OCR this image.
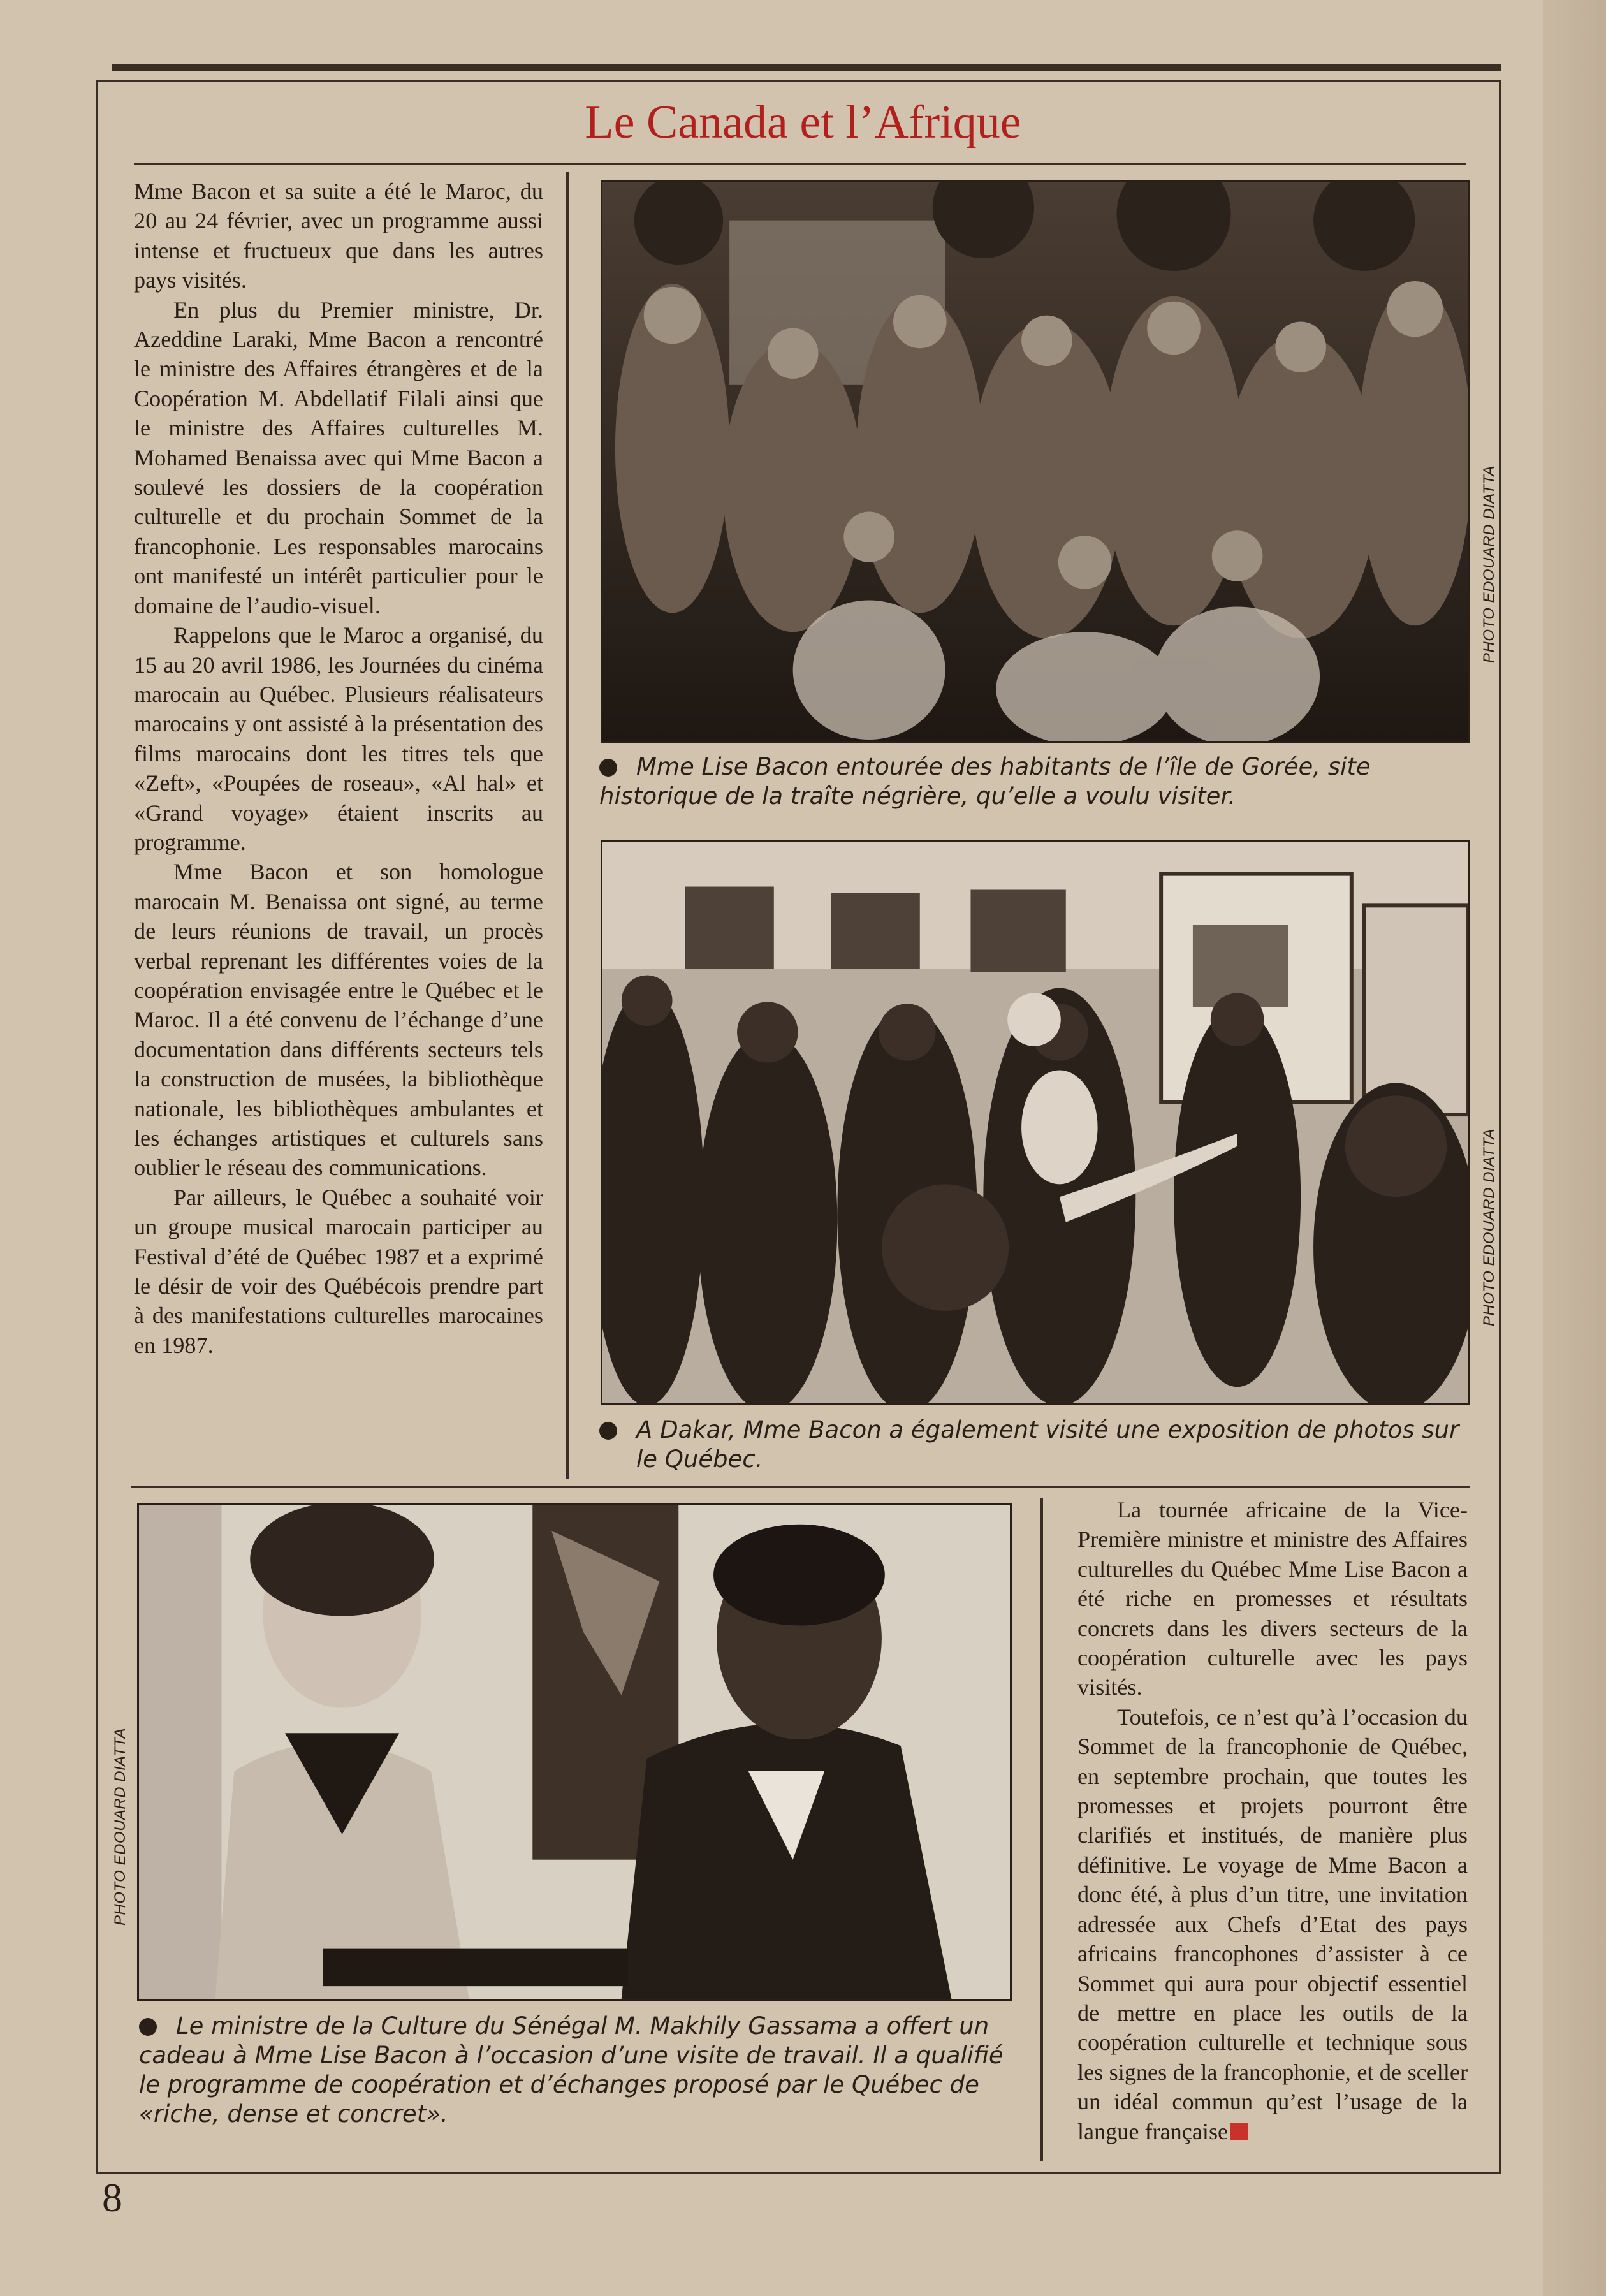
Le Canada et l’Afrique

Mme Bacon et sa suite a été le Maroc, du 20 au 24 février, avec un programme aussi intense et fructueux que dans les autres pays visités.

En plus du Premier ministre, Dr. Azeddine Laraki, Mme Bacon a rencontré le ministre des Affaires étrangères et de la Coopération M. Abdellatif Filali ainsi que le ministre des Affaires culturelles M. Mohamed Benaissa avec qui Mme Bacon a soulevé les dossiers de la coopération culturelle et du prochain Sommet de la francophonie. Les responsables marocains ont manifesté un intérêt particulier pour le domaine de l’audio-visuel.

Rappelons que le Maroc a organisé, du 15 au 20 avril 1986, les Journées du cinéma marocain au Québec. Plusieurs réalisateurs marocains y ont assisté à la présentation des films marocains dont les titres tels que «Zeft», «Poupées de roseau», «Al hal» et «Grand voyage» étaient inscrits au programme.

Mme Bacon et son homologue marocain M. Benaissa ont signé, au terme de leurs réunions de travail, un procès verbal reprenant les différentes voies de la coopération envisagée entre le Québec et le Maroc. Il a été convenu de l’échange d’une documentation dans différents secteurs tels la construction de musées, la bibliothèque nationale, les bibliothèques ambulantes et les échanges artistiques et culturels sans oublier le réseau des communications.

Par ailleurs, le Québec a souhaité voir un groupe musical marocain participer au Festival d’été de Québec 1987 et a exprimé le désir de voir des Québécois prendre part à des manifestations culturelles marocaines en 1987.

PHOTO EDOUARD DIATTA
Mme Lise Bacon entourée des habitants de l’île de Gorée, site historique de la traîte négrière, qu’elle a voulu visiter.
PHOTO EDOUARD DIATTA
A Dakar, Mme Bacon a également visité une exposition de photos sur le Québec.
PHOTO EDOUARD DIATTA
Le ministre de la Culture du Sénégal M. Makhily Gassama a offert un cadeau à Mme Lise Bacon à l’occasion d’une visite de travail. Il a qualifié le programme de coopération et d’échanges proposé par le Québec de «riche, dense et concret».

La tournée africaine de la Vice-Première ministre et ministre des Affaires culturelles du Québec Mme Lise Bacon a été riche en promesses et résultats concrets dans les divers secteurs de la coopération culturelle avec les pays visités.

Toutefois, ce n’est qu’à l’occasion du Sommet de la francophonie de Québec, en septembre prochain, que toutes les promesses et projets pourront être clarifiés et institués, de manière plus définitive. Le voyage de Mme Bacon a donc été, à plus d’un titre, une invitation adressée aux Chefs d’Etat des pays africains francophones d’assister à ce Sommet qui aura pour objectif essentiel de mettre en place les outils de la coopération culturelle et technique sous les signes de la francophonie, et de sceller un idéal commun qu’est l’usage de la langue française

8
